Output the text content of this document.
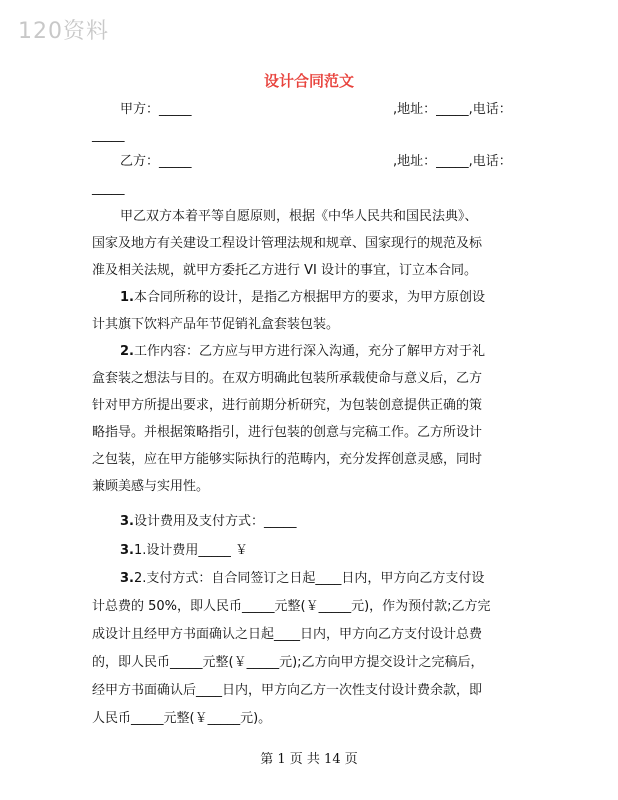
120资料
设计合同范文
甲方：_____	,地址：_____,电话：
_____
乙方：_____	,地址：_____,电话：
_____
甲乙双方本着平等自愿原则，根据《中华人民共和国民法典》、
国家及地方有关建设工程设计管理法规和规章、国家现行的规范及标
准及相关法规，就甲方委托乙方进行 VI 设计的事宜，订立本合同。
1.本合同所称的设计，是指乙方根据甲方的要求，为甲方原创设
计其旗下饮料产品年节促销礼盒套装包装。
2.工作内容：乙方应与甲方进行深入沟通，充分了解甲方对于礼
盒套装之想法与目的。在双方明确此包装所承载使命与意义后，乙方
针对甲方所提出要求，进行前期分析研究，为包装创意提供正确的策
略指导。并根据策略指引，进行包装的创意与完稿工作。乙方所设计
之包装，应在甲方能够实际执行的范畴内，充分发挥创意灵感，同时
兼顾美感与实用性。
3.设计费用及支付方式：_____
3.1.设计费用_____ ￥
3.2.支付方式：自合同签订之日起____日内，甲方向乙方支付设
计总费的 50%，即人民币_____元整(￥_____元)，作为预付款;乙方完
成设计且经甲方书面确认之日起____日内，甲方向乙方支付设计总费
的，即人民币_____元整(￥_____元);乙方向甲方提交设计之完稿后，
经甲方书面确认后____日内，甲方向乙方一次性支付设计费余款，即
人民币_____元整(￥_____元)。
第 1 页 共 14 页
